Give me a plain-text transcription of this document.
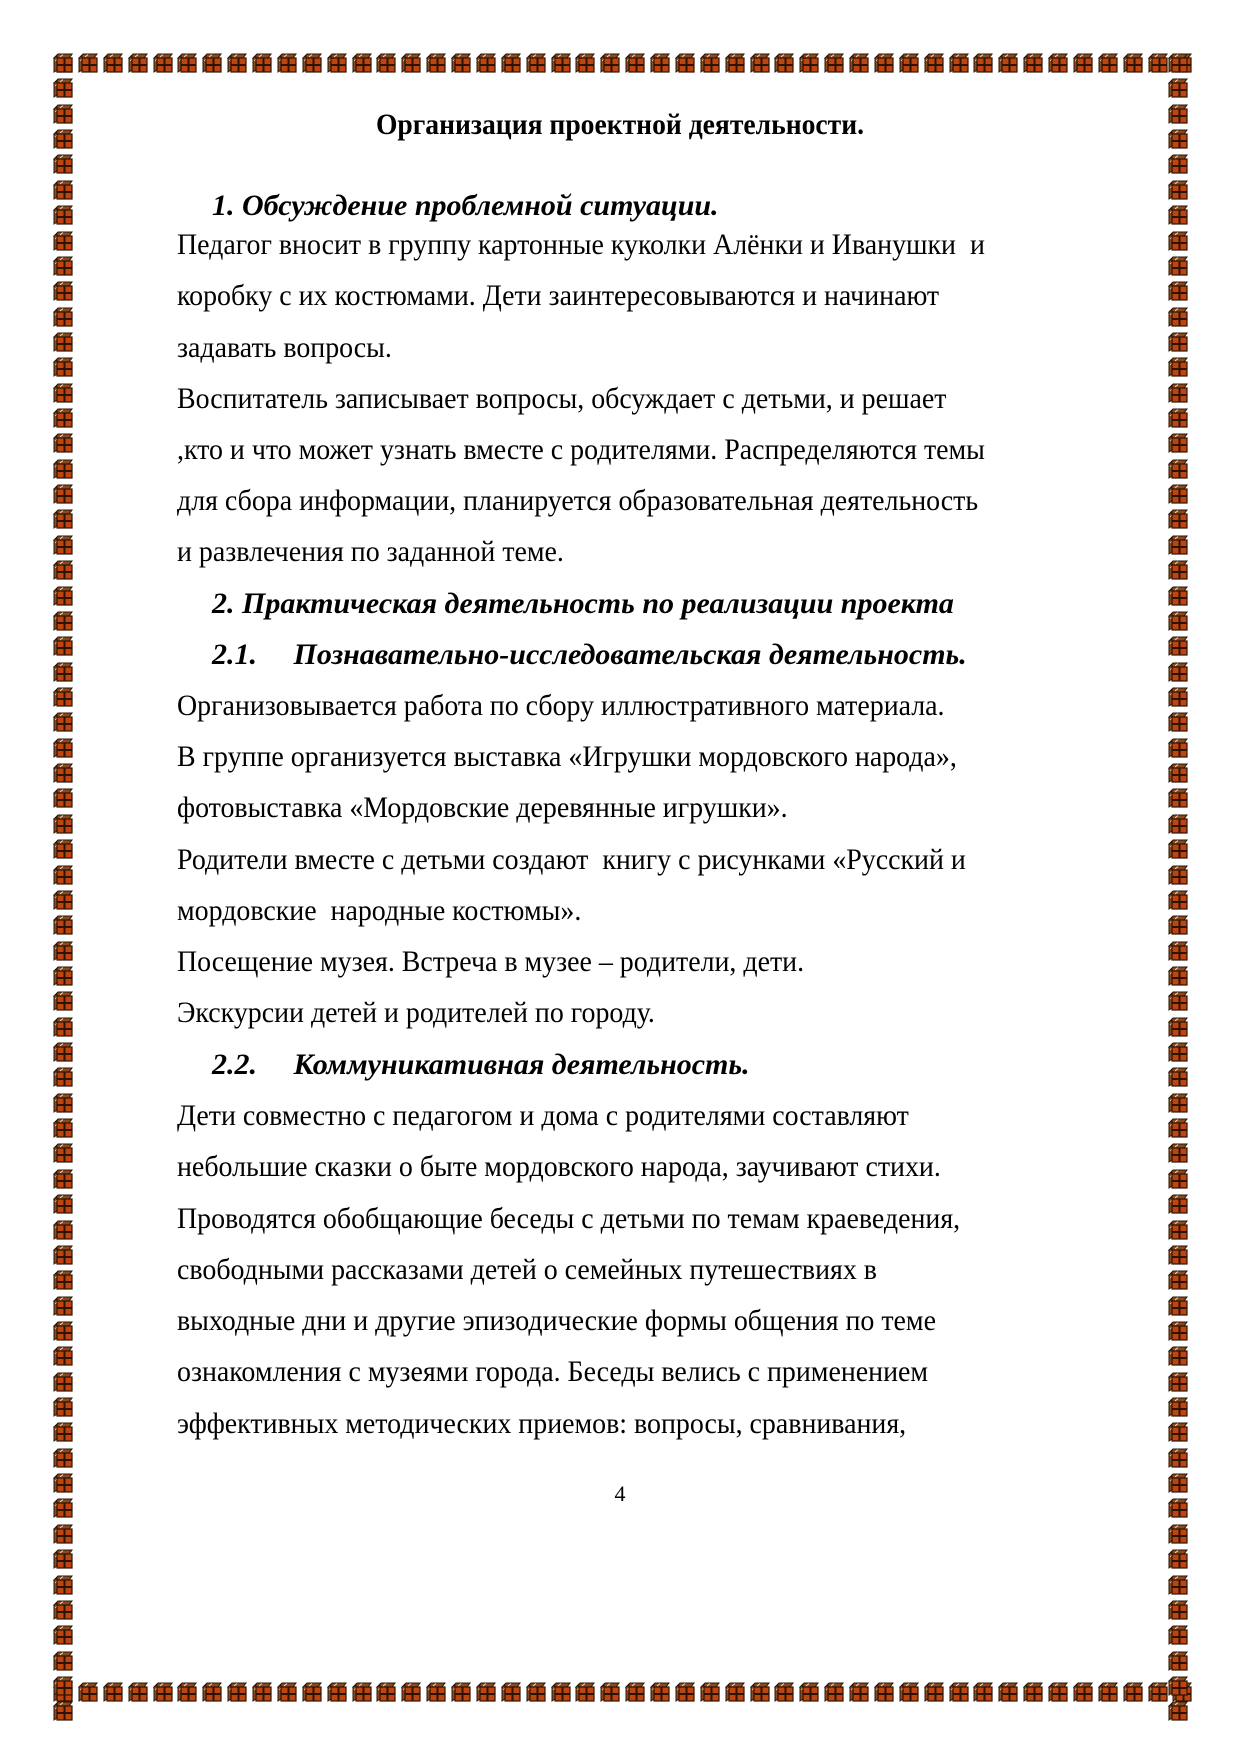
Организация проектной деятельности.
1. Обсуждение проблемной ситуации.
Педагог вносит в группу картонные куколки Алёнки и Иванушки  и
коробку с их костюмами. Дети заинтересовываются и начинают
задавать вопросы.
Воспитатель записывает вопросы, обсуждает с детьми, и решает
,кто и что может узнать вместе с родителями. Распределяются темы
для сбора информации, планируется образовательная деятельность
и развлечения по заданной теме.
2. Практическая деятельность по реализации проекта
2.1. Познавательно-исследовательская деятельность.
Организовывается работа по сбору иллюстративного материала.
В группе организуется выставка «Игрушки мордовского народа»,
фотовыставка «Мордовские деревянные игрушки».
Родители вместе с детьми создают  книгу с рисунками «Русский и
мордовские  народные костюмы».
Посещение музея. Встреча в музее – родители, дети.
Экскурсии детей и родителей по городу.
2.2. Коммуникативная деятельность.
Дети совместно с педагогом и дома с родителями составляют
небольшие сказки о быте мордовского народа, заучивают стихи.
Проводятся обобщающие беседы с детьми по темам краеведения,
свободными рассказами детей о семейных путешествиях в
выходные дни и другие эпизодические формы общения по теме
ознакомления с музеями города. Беседы велись с применением
эффективных методических приемов: вопросы, сравнивания,
4
